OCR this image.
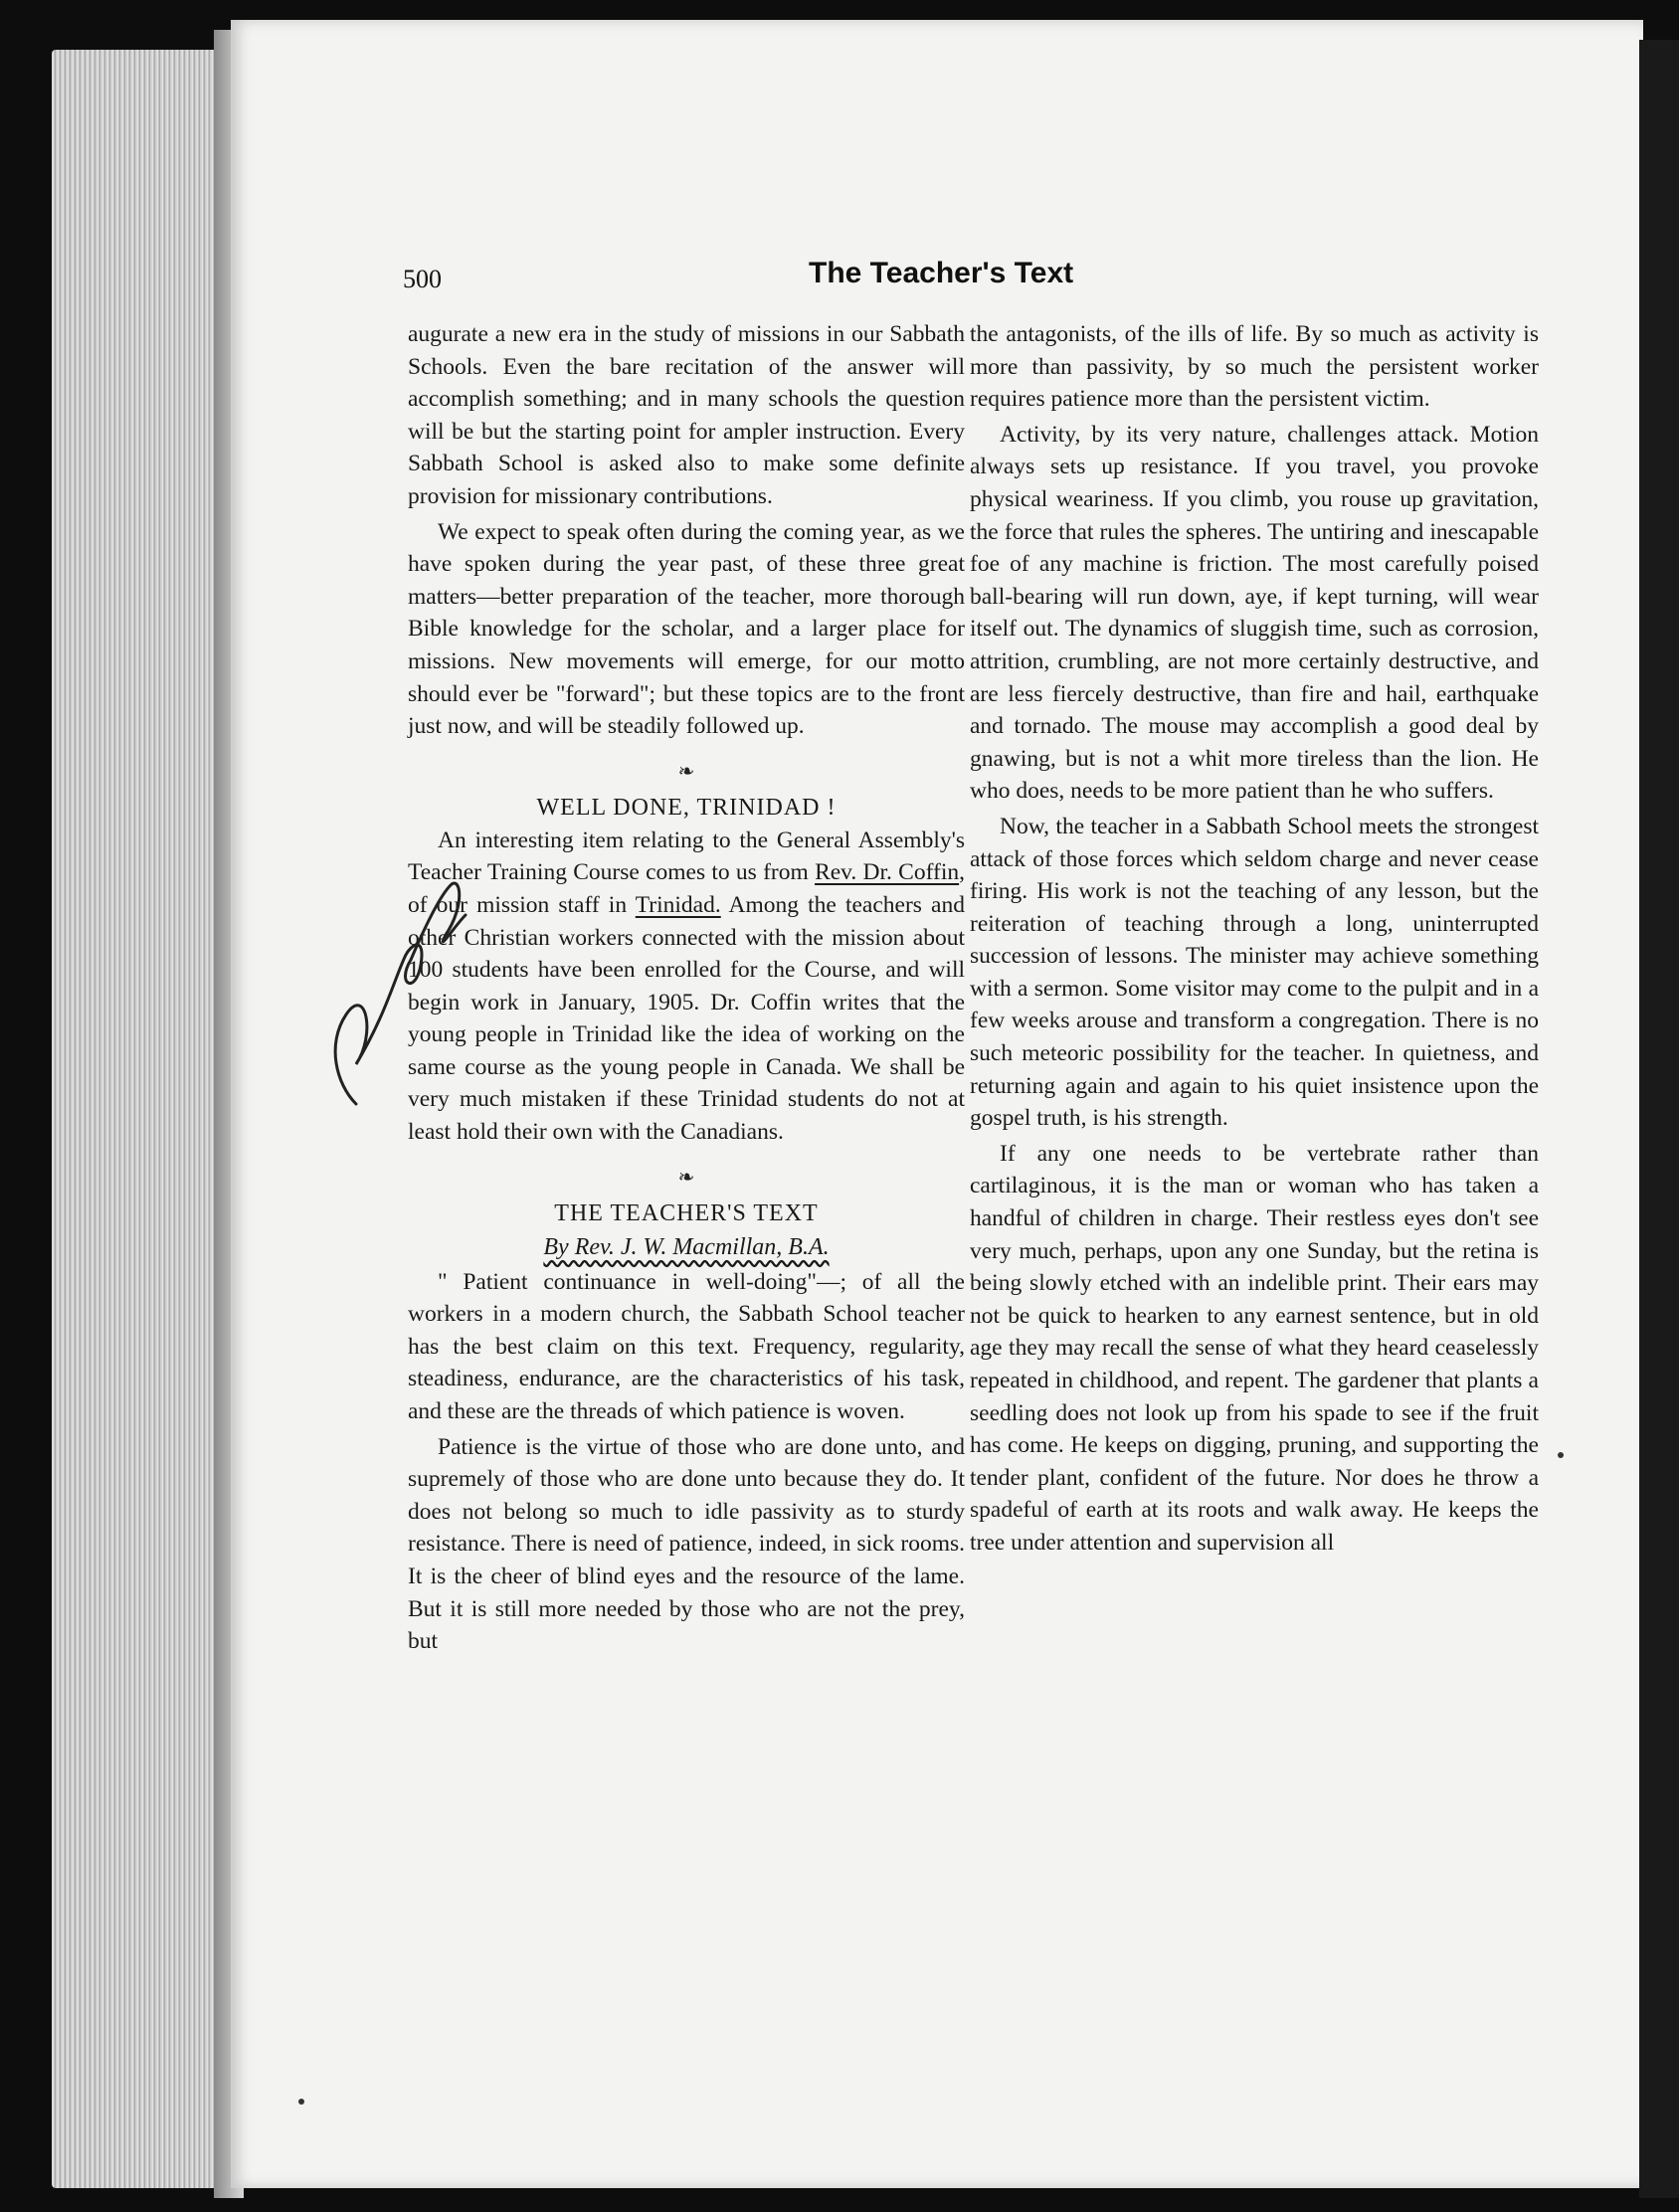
500	The Teacher's Text

augurate a new era in the study of missions in our Sabbath Schools. Even the bare recitation of the answer will accomplish something; and in many schools the question will be but the starting point for ampler instruction. Every Sabbath School is asked also to make some definite provision for missionary contributions.

We expect to speak often during the coming year, as we have spoken during the year past, of these three great matters—better preparation of the teacher, more thorough Bible knowledge for the scholar, and a larger place for missions. New movements will emerge, for our motto should ever be "forward"; but these topics are to the front just now, and will be steadily followed up.

❧
WELL DONE, TRINIDAD !

An interesting item relating to the General Assembly's Teacher Training Course comes to us from Rev. Dr. Coffin, of our mission staff in Trinidad. Among the teachers and other Christian workers connected with the mission about 100 students have been enrolled for the Course, and will begin work in January, 1905. Dr. Coffin writes that the young people in Trinidad like the idea of working on the same course as the young people in Canada. We shall be very much mistaken if these Trinidad students do not at least hold their own with the Canadians.

❧
THE TEACHER'S TEXT
By Rev. J. W. Macmillan, B.A.

" Patient continuance in well-doing"—; of all the workers in a modern church, the Sabbath School teacher has the best claim on this text. Frequency, regularity, steadiness, endurance, are the characteristics of his task, and these are the threads of which patience is woven.

Patience is the virtue of those who are done unto, and supremely of those who are done unto because they do. It does not belong so much to idle passivity as to sturdy resistance. There is need of patience, indeed, in sick rooms. It is the cheer of blind eyes and the resource of the lame. But it is still more needed by those who are not the prey, but

the antagonists, of the ills of life. By so much as activity is more than passivity, by so much the persistent worker requires patience more than the persistent victim.

Activity, by its very nature, challenges attack. Motion always sets up resistance. If you travel, you provoke physical weariness. If you climb, you rouse up gravitation, the force that rules the spheres. The untiring and inescapable foe of any machine is friction. The most carefully poised ball-bearing will run down, aye, if kept turning, will wear itself out. The dynamics of sluggish time, such as corrosion, attrition, crumbling, are not more certainly destructive, and are less fiercely destructive, than fire and hail, earthquake and tornado. The mouse may accomplish a good deal by gnawing, but is not a whit more tireless than the lion. He who does, needs to be more patient than he who suffers.

Now, the teacher in a Sabbath School meets the strongest attack of those forces which seldom charge and never cease firing. His work is not the teaching of any lesson, but the reiteration of teaching through a long, uninterrupted succession of lessons. The minister may achieve something with a sermon. Some visitor may come to the pulpit and in a few weeks arouse and transform a congregation. There is no such meteoric possibility for the teacher. In quietness, and returning again and again to his quiet insistence upon the gospel truth, is his strength.

If any one needs to be vertebrate rather than cartilaginous, it is the man or woman who has taken a handful of children in charge. Their restless eyes don't see very much, perhaps, upon any one Sunday, but the retina is being slowly etched with an indelible print. Their ears may not be quick to hearken to any earnest sentence, but in old age they may recall the sense of what they heard ceaselessly repeated in childhood, and repent. The gardener that plants a seedling does not look up from his spade to see if the fruit has come. He keeps on digging, pruning, and supporting the tender plant, confident of the future. Nor does he throw a spadeful of earth at its roots and walk away. He keeps the tree under attention and supervision all
